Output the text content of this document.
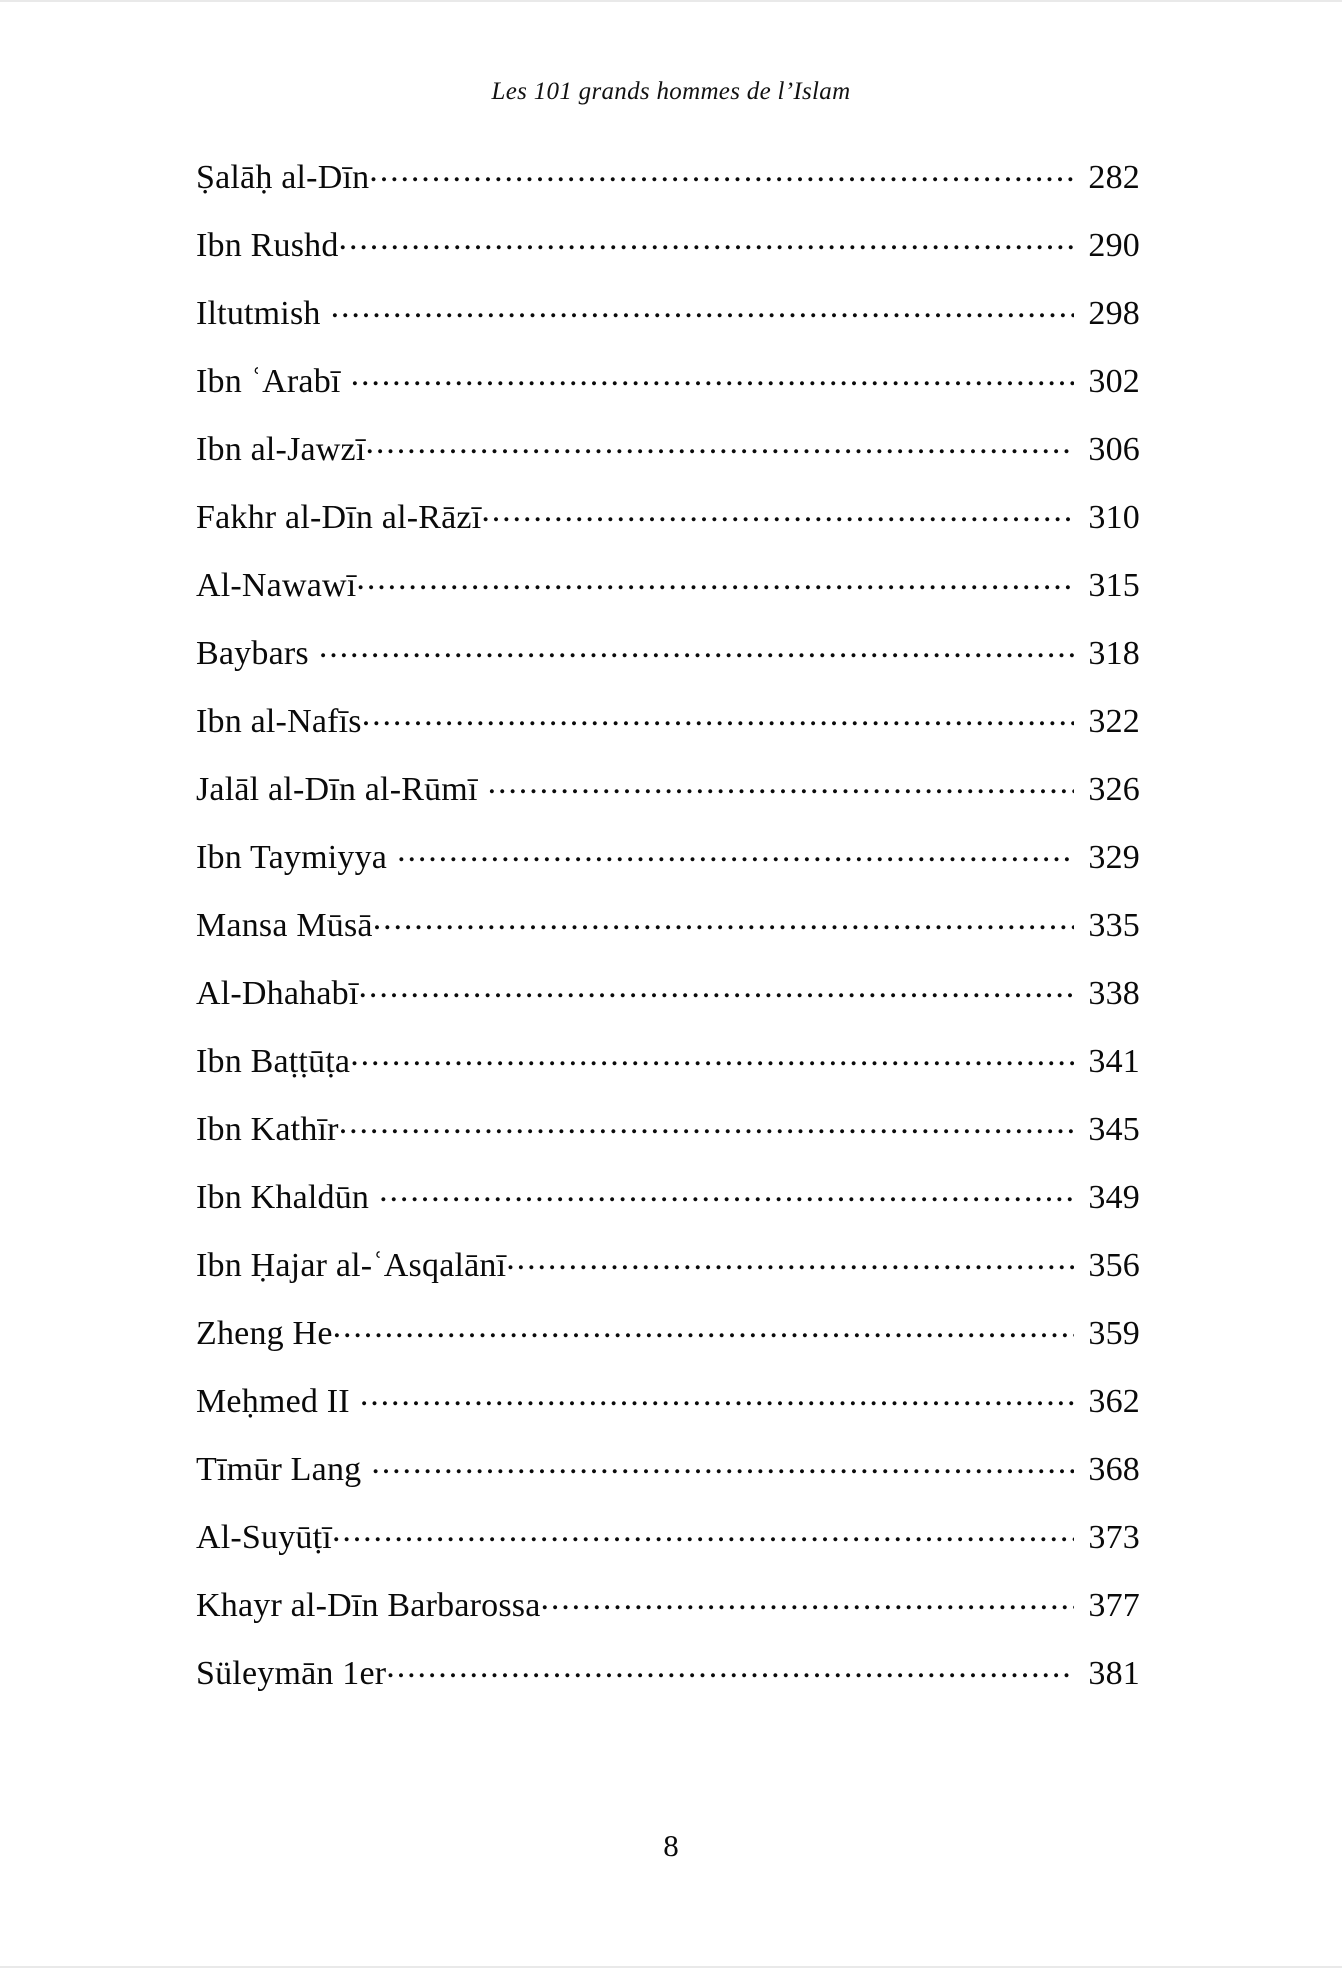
Les 101 grands hommes de l’Islam
Ṣalāḥ al-Dīn .....	282
Ibn Rushd .....	290
Iltutmish .....	298
Ibn ʿArabī .....	302
Ibn al-Jawzī .....	306
Fakhr al-Dīn al-Rāzī .....	310
Al-Nawawī .....	315
Baybars .....	318
Ibn al-Nafīs .....	322
Jalāl al-Dīn al-Rūmī .....	326
Ibn Taymiyya .....	329
Mansa Mūsā .....	335
Al-Dhahabī .....	338
Ibn Baṭṭūṭa .....	341
Ibn Kathīr .....	345
Ibn Khaldūn .....	349
Ibn Ḥajar al-ʿAsqalānī .....	356
Zheng He .....	359
Meḥmed II .....	362
Tīmūr Lang .....	368
Al-Suyūṭī .....	373
Khayr al-Dīn Barbarossa .....	377
Süleymān 1er .....	381
8
